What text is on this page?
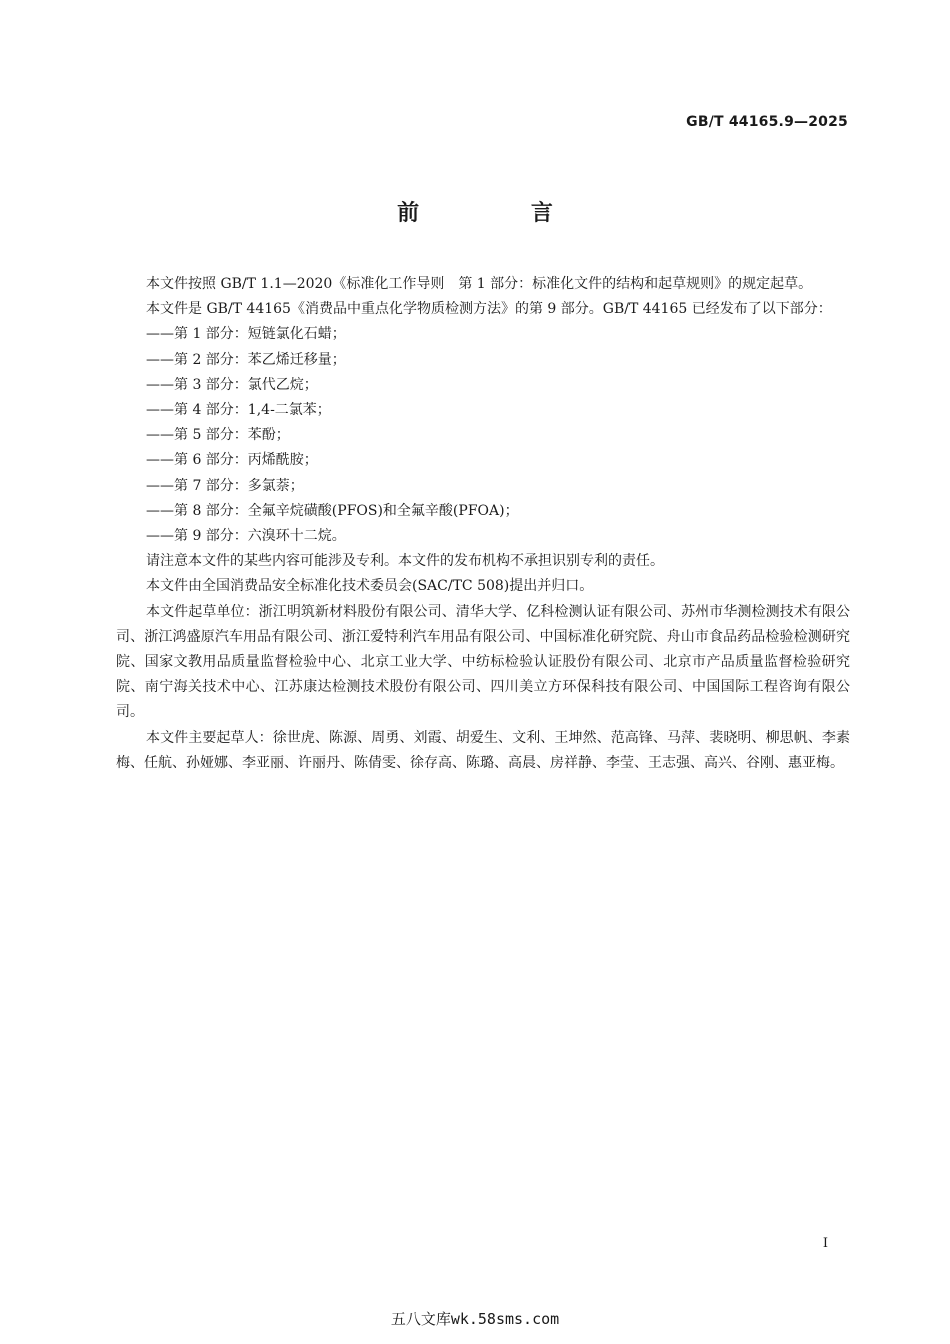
GB/T 44165.9—2025
前 言

本文件按照 GB/T 1.1—2020《标准化工作导则　第 1 部分：标准化文件的结构和起草规则》的规定起草。

本文件是 GB/T 44165《消费品中重点化学物质检测方法》的第 9 部分。GB/T 44165 已经发布了以下部分：

——第 1 部分：短链氯化石蜡；

——第 2 部分：苯乙烯迁移量；

——第 3 部分：氯代乙烷；

——第 4 部分：1,4-二氯苯；

——第 5 部分：苯酚；

——第 6 部分：丙烯酰胺；

——第 7 部分：多氯萘；

——第 8 部分：全氟辛烷磺酸(PFOS)和全氟辛酸(PFOA)；

——第 9 部分：六溴环十二烷。

请注意本文件的某些内容可能涉及专利。本文件的发布机构不承担识别专利的责任。

本文件由全国消费品安全标准化技术委员会(SAC/TC 508)提出并归口。

本文件起草单位：浙江明筑新材料股份有限公司、清华大学、亿科检测认证有限公司、苏州市华测检测技术有限公司、浙江鸿盛原汽车用品有限公司、浙江爱特利汽车用品有限公司、中国标准化研究院、舟山市食品药品检验检测研究院、国家文教用品质量监督检验中心、北京工业大学、中纺标检验认证股份有限公司、北京市产品质量监督检验研究院、南宁海关技术中心、江苏康达检测技术股份有限公司、四川美立方环保科技有限公司、中国国际工程咨询有限公司。

本文件主要起草人：徐世虎、陈源、周勇、刘霞、胡爱生、文利、王坤然、范高锋、马萍、裴晓明、柳思帆、李素梅、任航、孙娅娜、李亚丽、许丽丹、陈倩雯、徐存高、陈璐、高晨、房祥静、李莹、王志强、高兴、谷刚、惠亚梅。

I
五八文库wk.58sms.com
